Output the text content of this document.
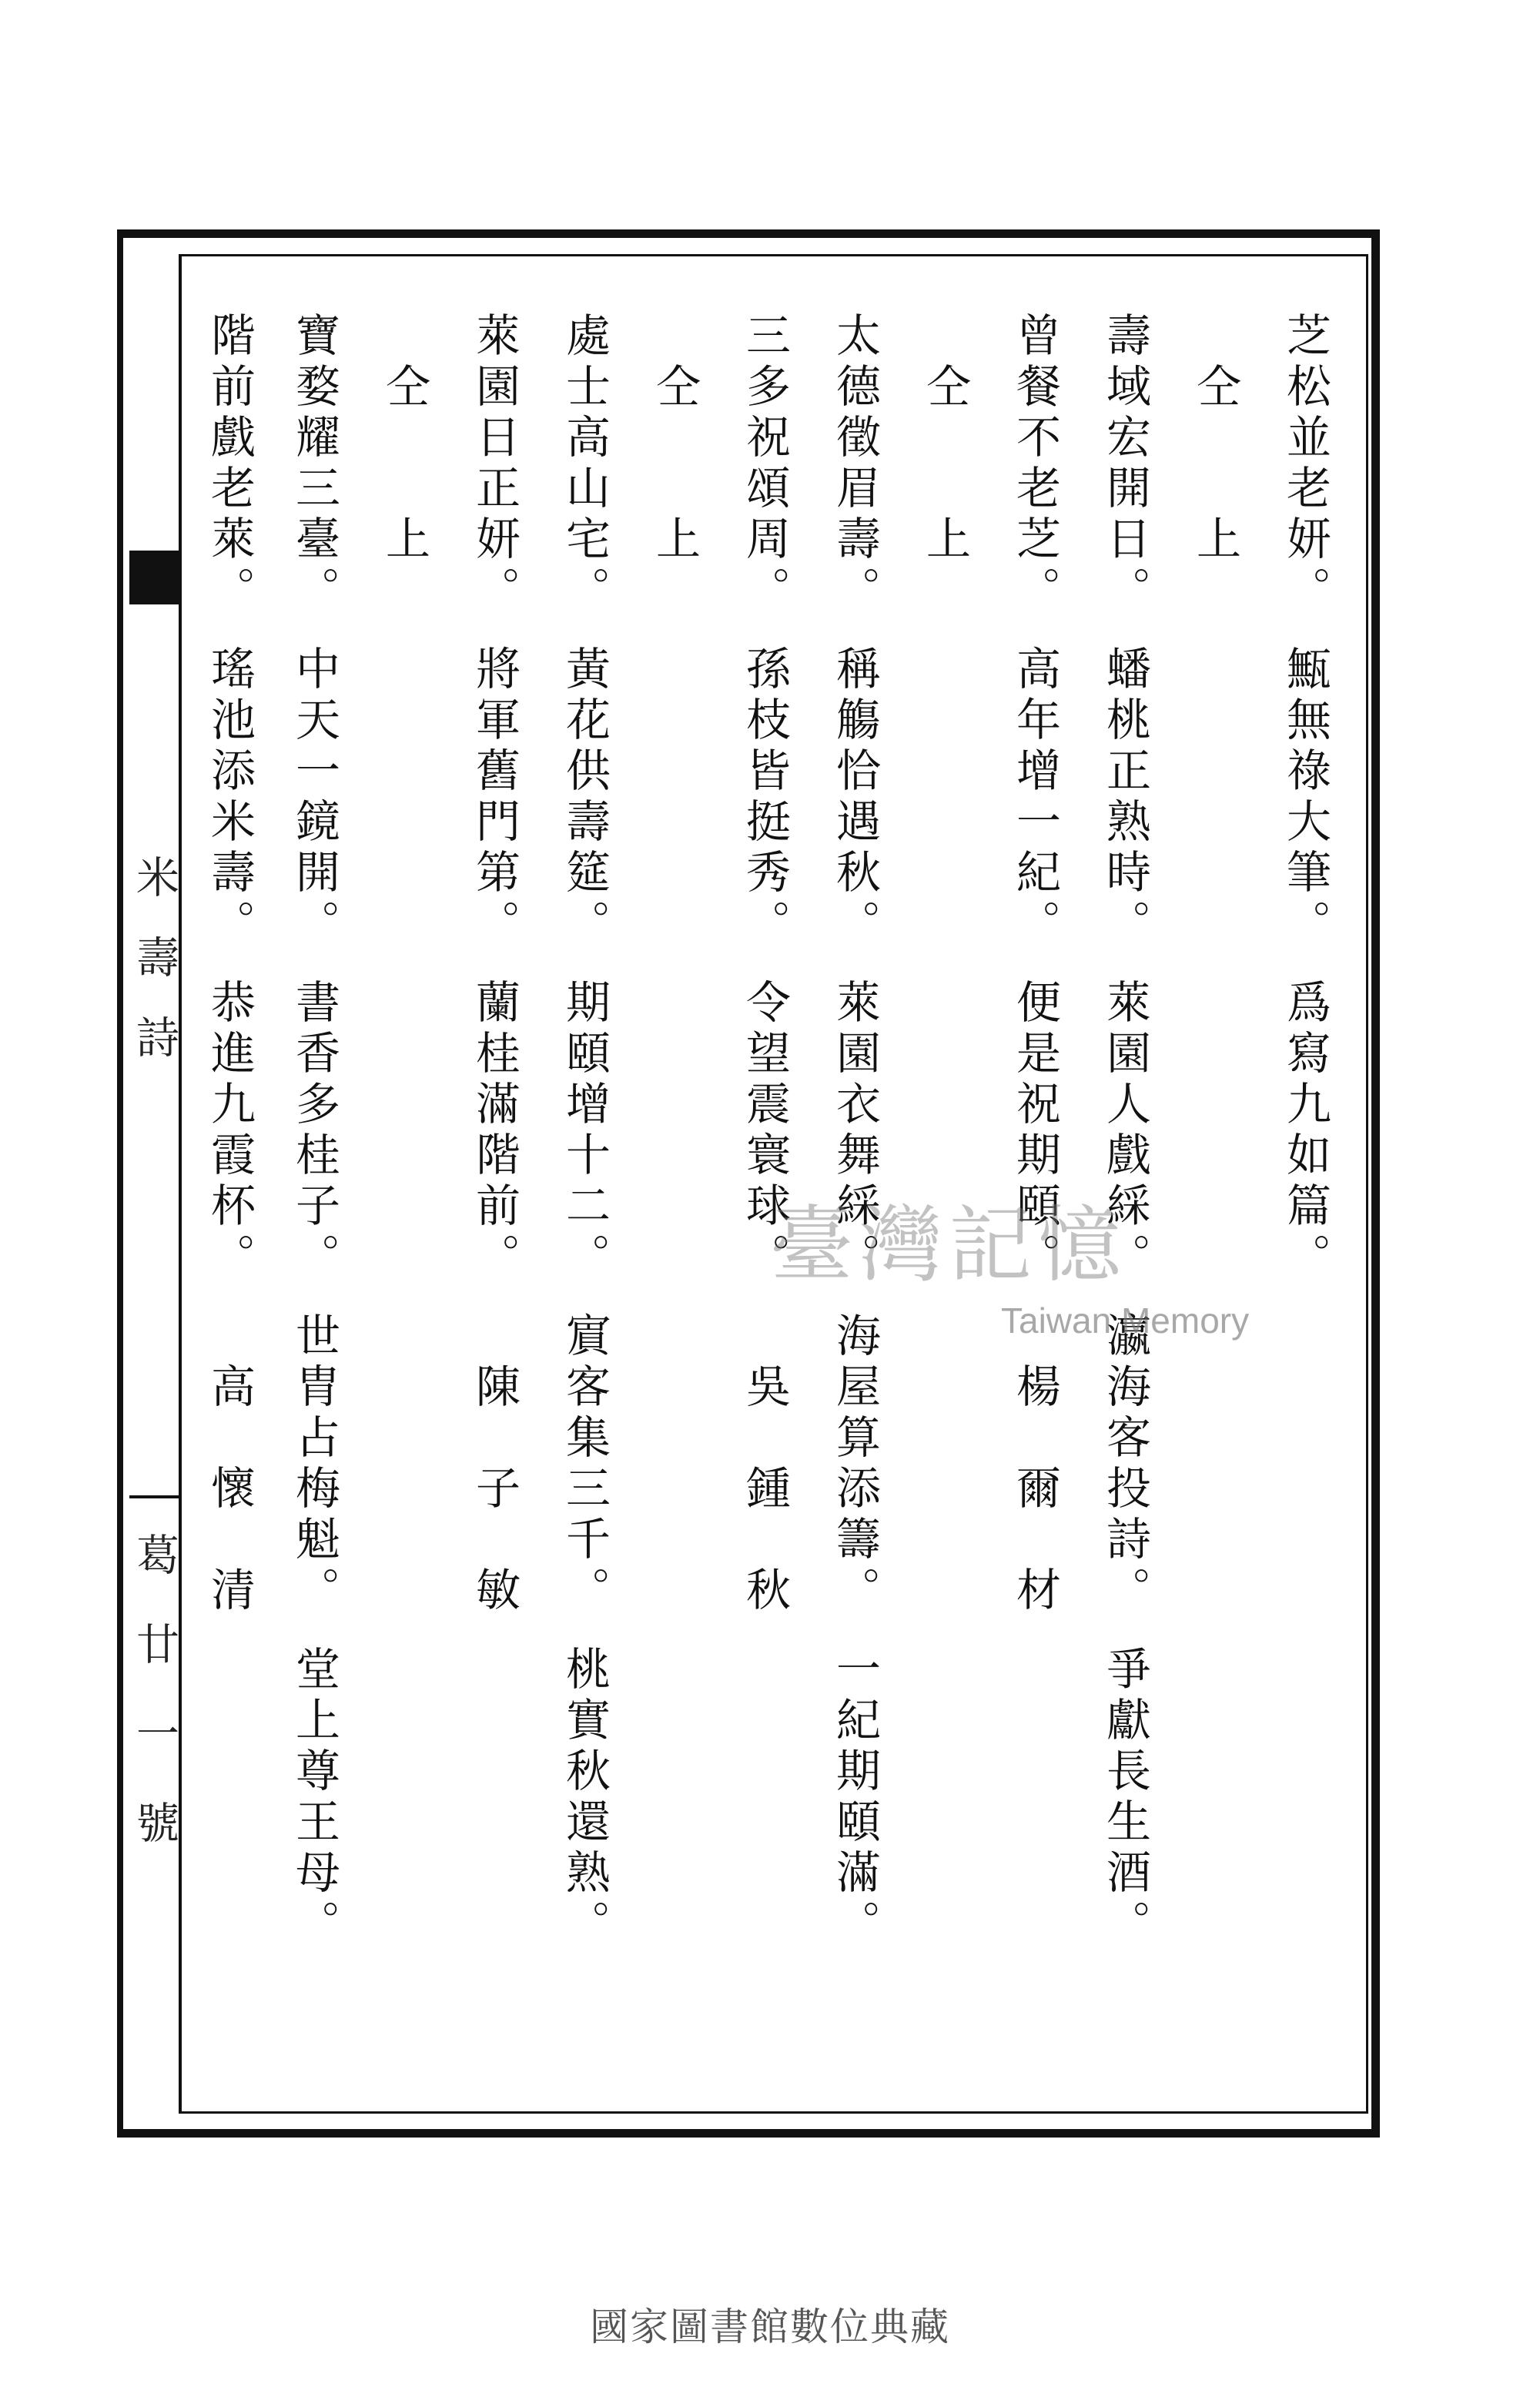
米壽詩
葛廿一號
芝松並老妍。　甒無祿大筆。　爲寫九如篇。
　仝　　上
壽域宏開日。　蟠桃正熟時。　萊園人戲綵。　瀛海客投詩。　爭獻長生酒。
曾餐不老芝。　高年增一紀。　便是祝期頤。　　楊　爾　材
　仝　　上
太德徵眉壽。　稱觴恰遇秋。　萊園衣舞綵。　海屋算添籌。　一紀期頤滿。
三多祝頌周。　孫枝皆挺秀。　令望震寰球。　　吳　鍾　秋
　仝　　上
處士高山宅。　黃花供壽筵。　期頤增十二。　賔客集三千。　桃實秋還熟。
萊園日正妍。　將軍舊門第。　蘭桂滿階前。　　陳　子　敏
　仝　　上
寶婺耀三臺。　中天一鏡開。　書香多桂子。　世胄占梅魁。　堂上尊王母。
階前戲老萊。　瑤池添米壽。　恭進九霞杯。　　高　懷　清	臺灣記憶
Taiwan Memory
國家圖書館數位典藏
